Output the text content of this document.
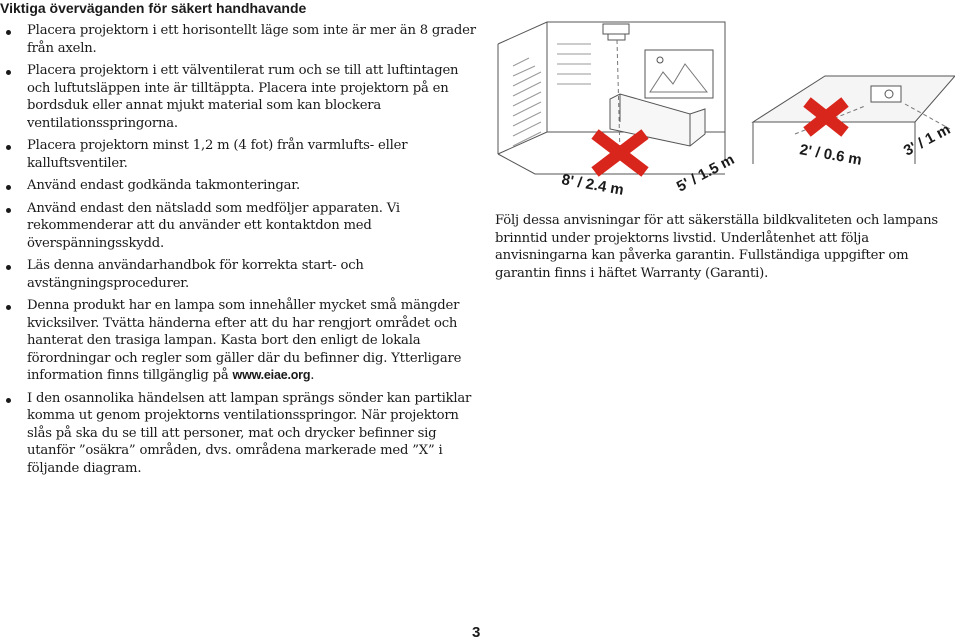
Viktiga överväganden för säkert handhavande

Placera projektorn i ett horisontellt läge som inte är mer än 8 grader från axeln.

Placera projektorn i ett välventilerat rum och se till att luftintagen och luftutsläppen inte är tilltäppta. Placera inte projektorn på en bordsduk eller annat mjukt material som kan blockera ventilationsspringorna.

Placera projektorn minst 1,2 m (4 fot) från varmlufts- eller kalluftsventiler.

Använd endast godkända takmonteringar.

Använd endast den nätsladd som medföljer apparaten. Vi rekommenderar att du använder ett kontaktdon med överspänningsskydd.

Läs denna användarhandbok för korrekta start- och avstängningsprocedurer.

Denna produkt har en lampa som innehåller mycket små mängder kvicksilver. Tvätta händerna efter att du har rengjort området och hanterat den trasiga lampan. Kasta bort den enligt de lokala förordningar och regler som gäller där du befinner dig. Ytterligare information finns tillgänglig på www.eiae.org.

I den osannolika händelsen att lampan sprängs sönder kan partiklar komma ut genom projektorns ventilationsspringor. När projektorn slås på ska du se till att personer, mat och drycker befinner sig utanför ”osäkra” områden, dvs. områdena markerade med ”X” i följande diagram.

8' / 2.4 m	5' / 1.5 m	2' / 0.6 m	3' / 1 m

Följ dessa anvisningar för att säkerställa bildkvaliteten och lampans brinntid under projektorns livstid. Underlåtenhet att följa anvisningarna kan påverka garantin. Fullständiga uppgifter om garantin finns i häftet Warranty (Garanti).

3
